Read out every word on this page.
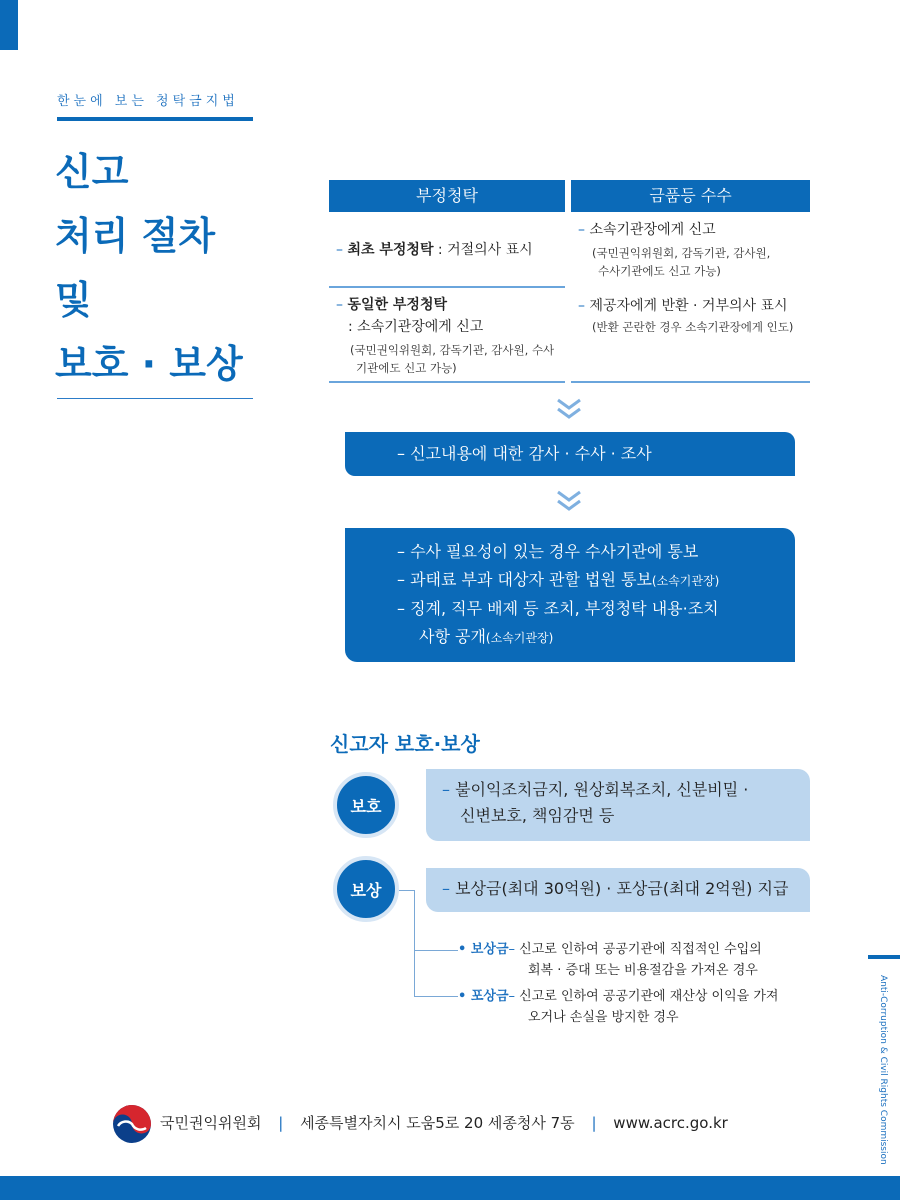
한눈에 보는 청탁금지법
신고
처리 절차
및
보호 · 보상
부정청탁	금품등 수수
– 최초 부정청탁 : 거절의사 표시
– 동일한 부정청탁
: 소속기관장에게 신고
(국민권익위원회, 감독기관, 감사원, 수사
기관에도 신고 가능)
– 소속기관장에게 신고
(국민권익위원회, 감독기관, 감사원,
수사기관에도 신고 가능)
– 제공자에게 반환 · 거부의사 표시
(반환 곤란한 경우 소속기관장에게 인도)
– 신고내용에 대한 감사 · 수사 · 조사
– 수사 필요성이 있는 경우 수사기관에 통보
– 과태료 부과 대상자 관할 법원 통보(소속기관장)
– 징계, 직무 배제 등 조치, 부정청탁 내용·조치
사항 공개(소속기관장)
신고자 보호·보상
– 불이익조치금지, 원상회복조치, 신분비밀 ·
신변보호, 책임감면 등
보호
– 보상금(최대 30억원) · 포상금(최대 2억원) 지급
보상
• 보상금– 신고로 인하여 공공기관에 직접적인 수입의
회복 · 증대 또는 비용절감을 가져온 경우
• 포상금– 신고로 인하여 공공기관에 재산상 이익을 가져
오거나 손실을 방지한 경우	Anti-Corruption & Civil Rights Commission
국민권익위원회 | 세종특별자치시 도움5로 20 세종청사 7동 | www.acrc.go.kr
